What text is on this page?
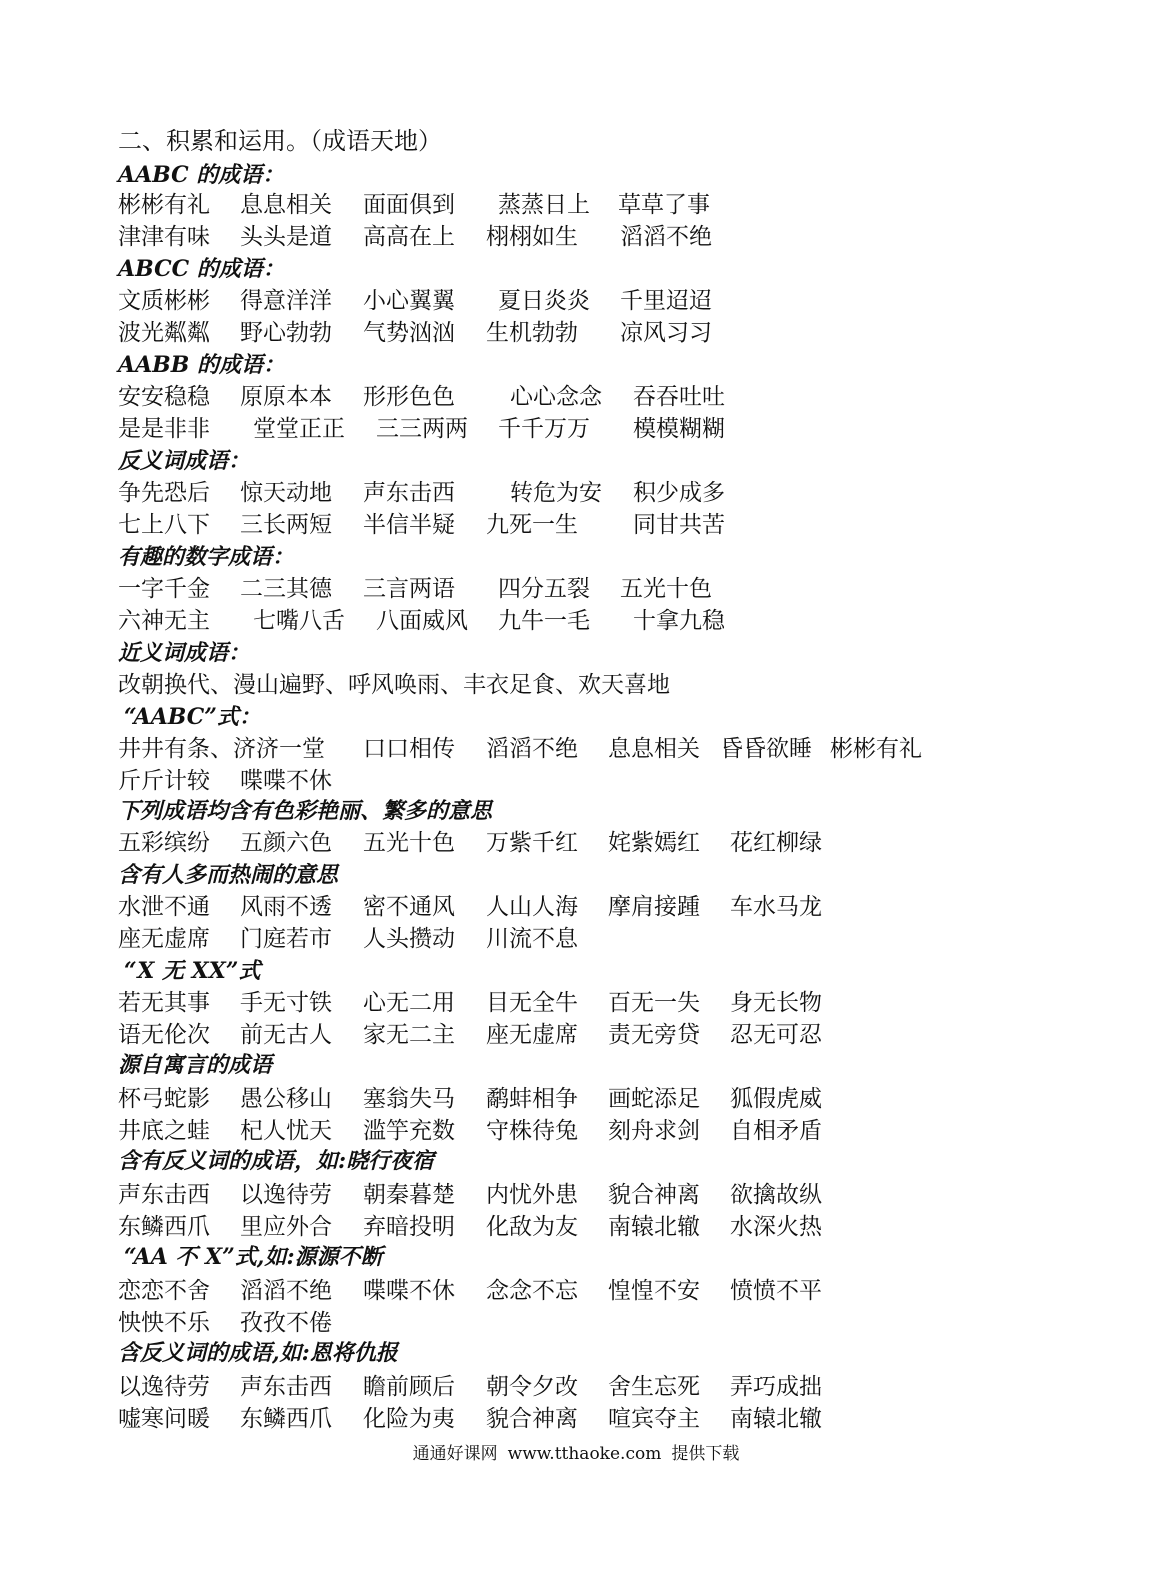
二、积累和运用。（成语天地）
AABC 的成语：
彬彬有礼 息息相关 面面俱到 蒸蒸日上 草草了事
津津有味 头头是道 高高在上 栩栩如生 滔滔不绝
ABCC 的成语：
文质彬彬 得意洋洋 小心翼翼 夏日炎炎 千里迢迢
波光粼粼 野心勃勃 气势汹汹 生机勃勃 凉风习习
AABB 的成语：
安安稳稳 原原本本 形形色色 心心念念 吞吞吐吐
是是非非 堂堂正正 三三两两 千千万万 模模糊糊
反义词成语：
争先恐后 惊天动地 声东击西 转危为安 积少成多
七上八下 三长两短 半信半疑 九死一生 同甘共苦
有趣的数字成语：
一字千金 二三其德 三言两语 四分五裂 五光十色
六神无主 七嘴八舌 八面威风 九牛一毛 十拿九稳
近义词成语：
改朝换代、漫山遍野、呼风唤雨、丰衣足食、欢天喜地
“AABC”式：
井井有条、济济一堂 口口相传 滔滔不绝 息息相关 昏昏欲睡 彬彬有礼
斤斤计较 喋喋不休
下列成语均含有色彩艳丽、繁多的意思
五彩缤纷 五颜六色 五光十色 万紫千红 姹紫嫣红 花红柳绿
含有人多而热闹的意思
水泄不通 风雨不透 密不通风 人山人海 摩肩接踵 车水马龙
座无虚席 门庭若市 人头攒动 川流不息
“X 无 XX”式
若无其事 手无寸铁 心无二用 目无全牛 百无一失 身无长物
语无伦次 前无古人 家无二主 座无虚席 责无旁贷 忍无可忍
源自寓言的成语
杯弓蛇影 愚公移山 塞翁失马 鹬蚌相争 画蛇添足 狐假虎威
井底之蛙 杞人忧天 滥竽充数 守株待兔 刻舟求剑 自相矛盾
含有反义词的成语，如:晓行夜宿
声东击西 以逸待劳 朝秦暮楚 内忧外患 貌合神离 欲擒故纵
东鳞西爪 里应外合 弃暗投明 化敌为友 南辕北辙 水深火热
“AA 不 X”式,如:源源不断
恋恋不舍 滔滔不绝 喋喋不休 念念不忘 惶惶不安 愤愤不平
怏怏不乐 孜孜不倦
含反义词的成语,如:恩将仇报
以逸待劳 声东击西 瞻前顾后 朝令夕改 舍生忘死 弄巧成拙
嘘寒问暖 东鳞西爪 化险为夷 貌合神离 喧宾夺主 南辕北辙
通通好课网 www.tthaoke.com 提供下载
